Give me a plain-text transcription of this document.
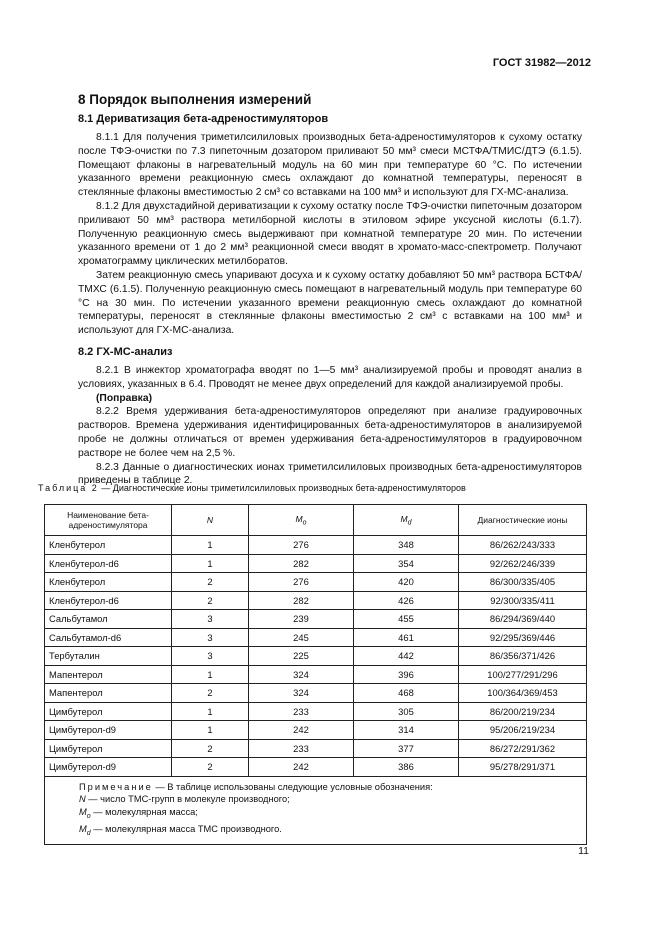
ГОСТ 31982—2012
8 Порядок выполнения измерений
8.1 Дериватизация бета-адреностимуляторов

8.1.1 Для получения триметилсилиловых производных бета-адреностимуляторов к сухому остатку после ТФЭ-очистки по 7.3 пипеточным дозатором приливают 50 мм³ смеси МСТФА/ТМИС/ДТЭ (6.1.5). Помещают флаконы в нагревательный модуль на 60 мин при температуре 60 °С. По истечении указанного времени реакционную смесь охлаждают до комнатной температуры, переносят в стеклянные флаконы вместимостью 2 см³ со вставками на 100 мм³ и используют для ГХ-МС-анализа.

8.1.2 Для двухстадийной дериватизации к сухому остатку после ТФЭ-очистки пипеточным дозатором приливают 50 мм³ раствора метилборной кислоты в этиловом эфире уксусной кислоты (6.1.7). Полученную реакционную смесь выдерживают при комнатной температуре 20 мин. По истечении указанного времени от 1 до 2 мм³ реакционной смеси вводят в хромато-масс-спектрометр. Получают хроматограмму циклических метилборатов.

Затем реакционную смесь упаривают досуха и к сухому остатку добавляют 50 мм³ раствора БСТФА/ТМХС (6.1.5). Полученную реакционную смесь помещают в нагревательный модуль при температуре 60 °С на 30 мин. По истечении указанного времени реакционную смесь охлаждают до комнатной температуры, переносят в стеклянные флаконы вместимостью 2 см³ с вставками на 100 мм³ и используют для ГХ-МС-анализа.

8.2 ГХ-МС-анализ

8.2.1 В инжектор хроматографа вводят по 1—5 мм³ анализируемой пробы и проводят анализ в условиях, указанных в 6.4. Проводят не менее двух определений для каждой анализируемой пробы.

(Поправка)

8.2.2 Время удерживания бета-адреностимуляторов определяют при анализе градуировочных растворов. Времена удерживания идентифицированных бета-адреностимуляторов в анализируемой пробе не должны отличаться от времен удерживания бета-адреностимуляторов в градуировочном растворе не более чем на 2,5 %.

8.2.3 Данные о диагностических ионах триметилсилиловых производных бета-адреностимуляторов приведены в таблице 2.

Таблица 2 — Диагностические ионы триметилсилиловых производных бета-адреностимуляторов
Наименование бета-адреностимулятора	N	$M_o$	$M_d$	Диагностические ионы
Кленбутерол	1	276	348	86/262/243/333
Кленбутерол-d6	1	282	354	92/262/246/339
Кленбутерол	2	276	420	86/300/335/405
Кленбутерол-d6	2	282	426	92/300/335/411
Сальбутамол	3	239	455	86/294/369/440
Сальбутамол-d6	3	245	461	92/295/369/446
Тербуталин	3	225	442	86/356/371/426
Мапентерол	1	324	396	100/277/291/296
Мапентерол	2	324	468	100/364/369/453
Цимбутерол	1	233	305	86/200/219/234
Цимбутерол-d9	1	242	314	95/206/219/234
Цимбутерол	2	233	377	86/272/291/362
Цимбутерол-d9	2	242	386	95/278/291/371
Примечание — В таблице использованы следующие условные обозначения:
N — число ТМС-групп в молекуле производного;
$M_o$ — молекулярная масса;
$M_d$ — молекулярная масса ТМС производного.				
11
